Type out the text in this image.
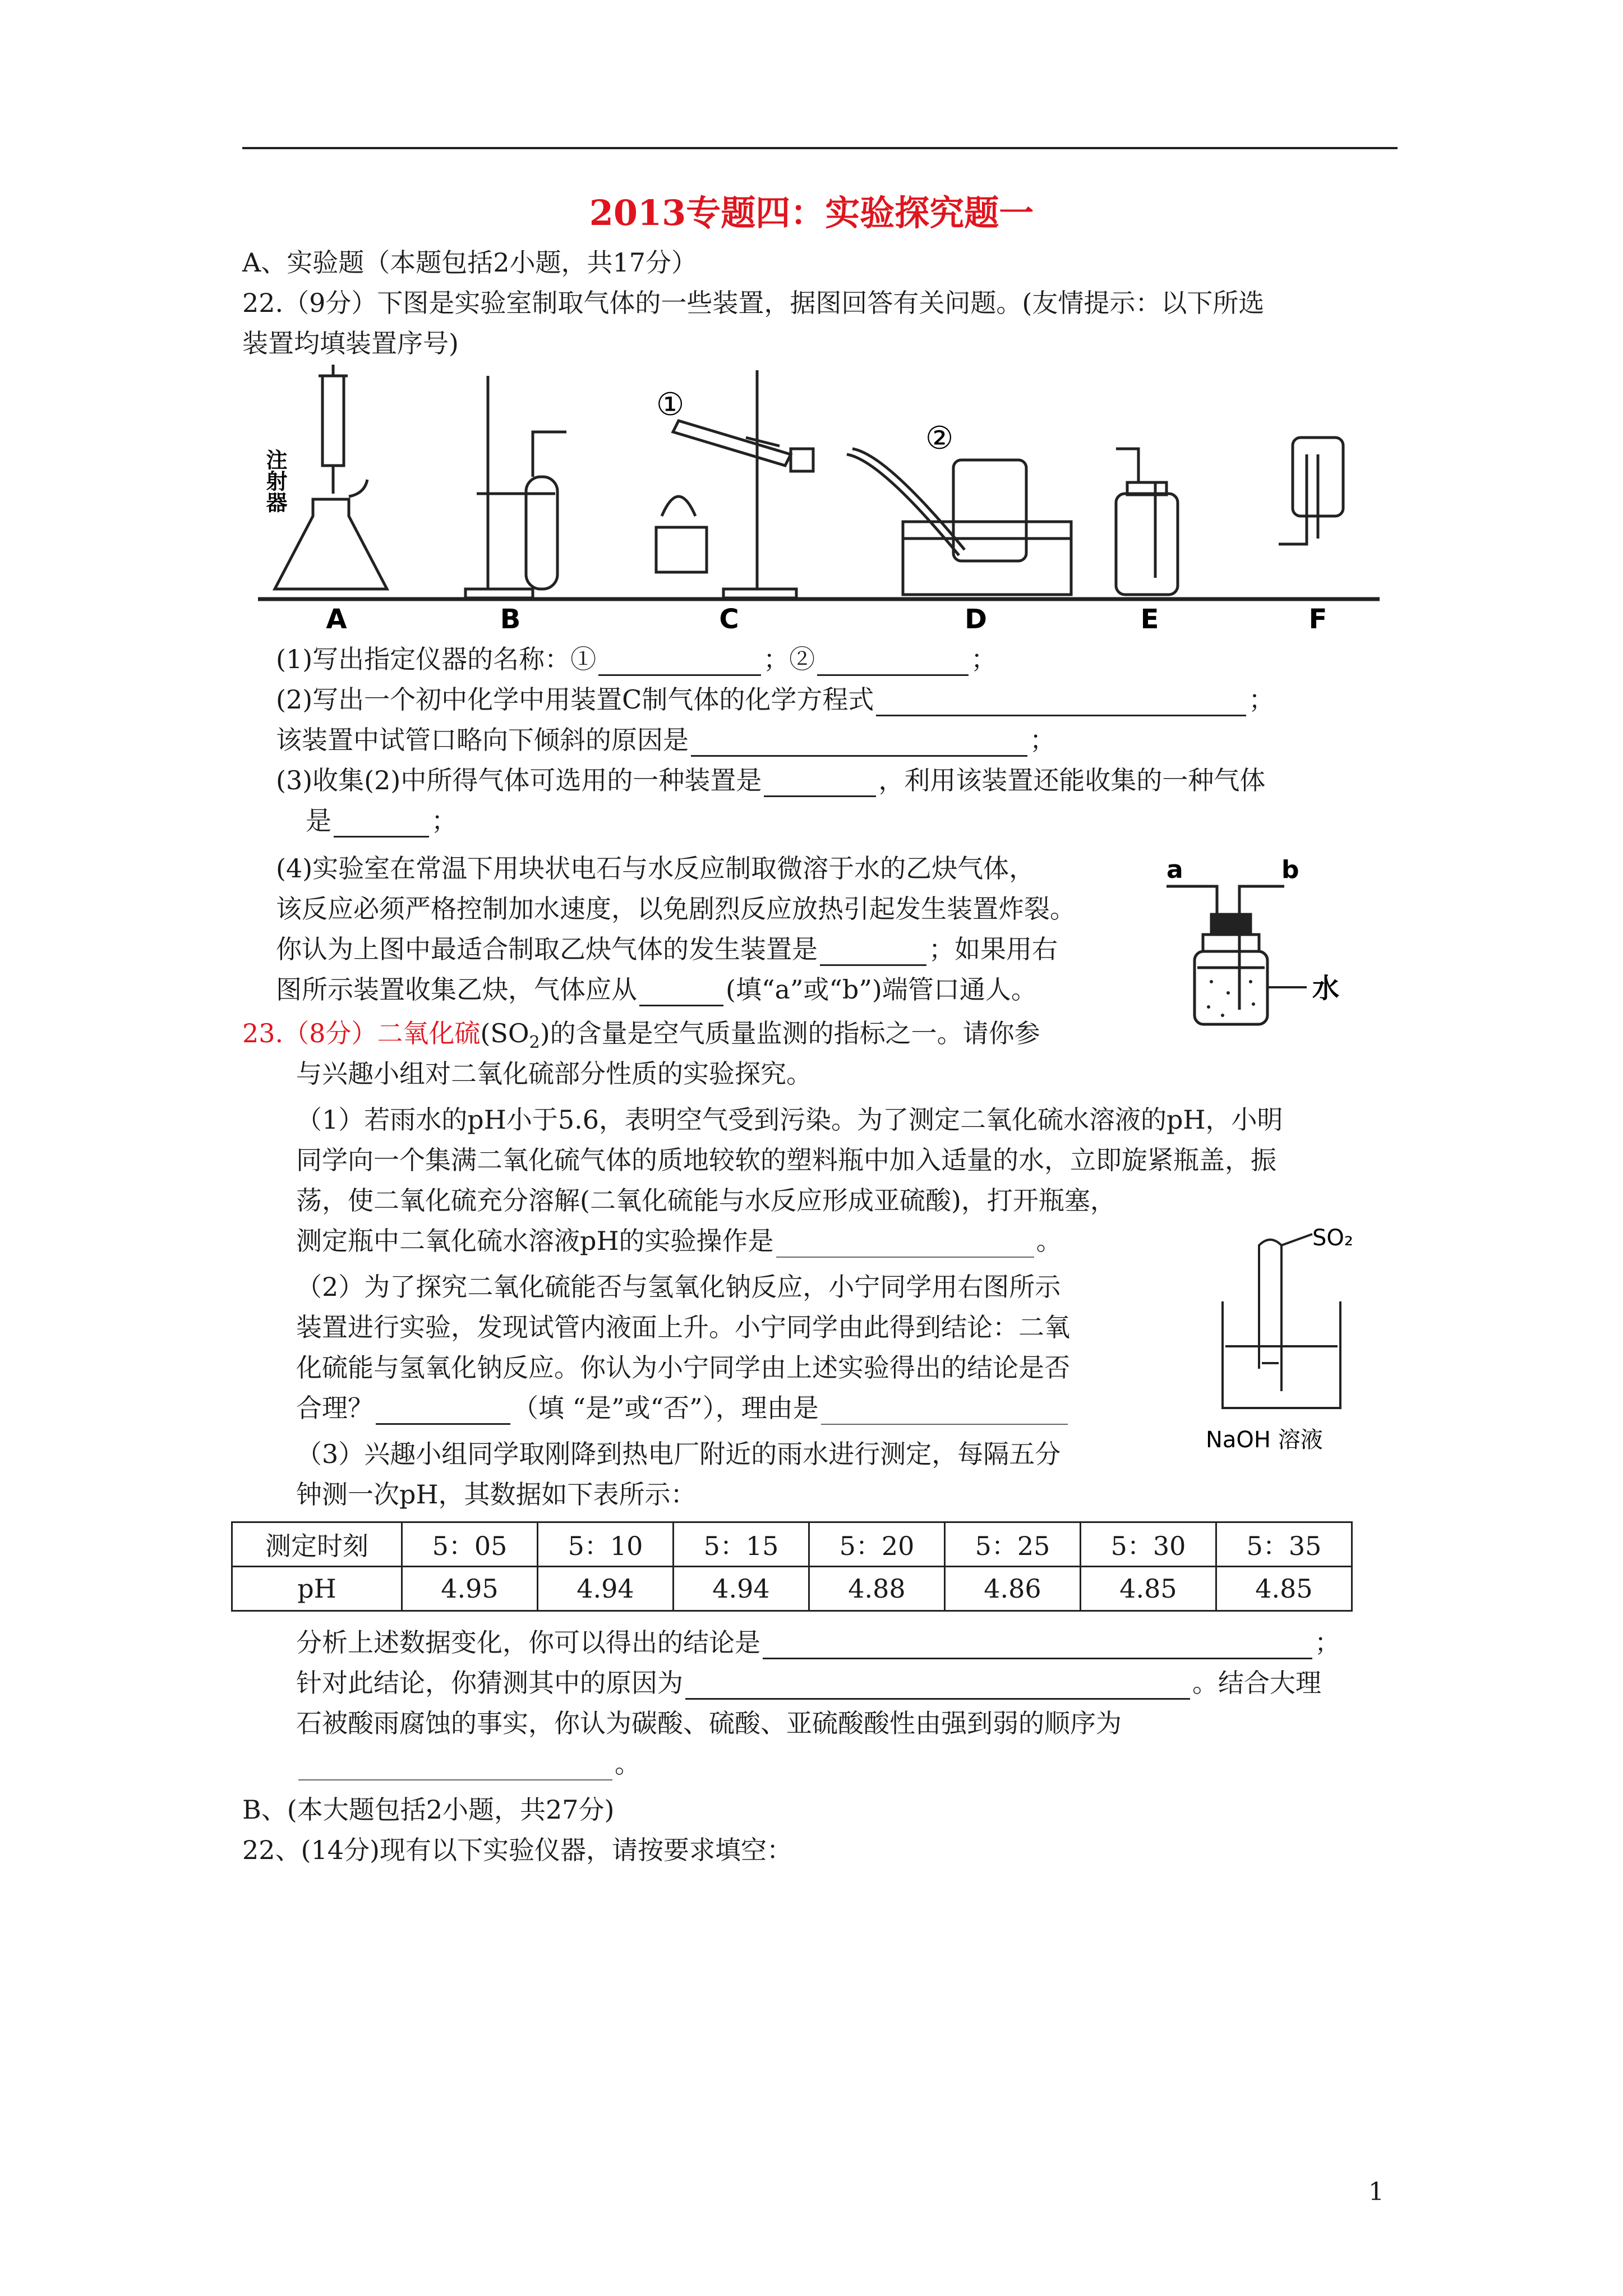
2013专题四：实验探究题一
A、实验题（本题包括2小题，共17分）
22.（9分）下图是实验室制取气体的一些装置，据图回答有关问题。(友情提示：以下所选
装置均填装置序号)
A	B	C	D	E	F
注射器
①
②
(1)写出指定仪器的名称：①	；②	；
(2)写出一个初中化学中用装置C制气体的化学方程式	；
该装置中试管口略向下倾斜的原因是	；
(3)收集(2)中所得气体可选用的一种装置是	，利用该装置还能收集的一种气体
是	；
(4)实验室在常温下用块状电石与水反应制取微溶于水的乙炔气体，
该反应必须严格控制加水速度，以免剧烈反应放热引起发生装置炸裂。
你认为上图中最适合制取乙炔气体的发生装置是	；如果用右
图所示装置收集乙炔，气体应从	(填“a”或“b”)端管口通人。
a	b
水
23.（8分）二氧化硫$(SO_2)$的含量是空气质量监测的指标之一。请你参
与兴趣小组对二氧化硫部分性质的实验探究。
（1）若雨水的pH小于5.6，表明空气受到污染。为了测定二氧化硫水溶液的pH，小明
同学向一个集满二氧化硫气体的质地较软的塑料瓶中加入适量的水，立即旋紧瓶盖，振
荡，使二氧化硫充分溶解(二氧化硫能与水反应形成亚硫酸)，打开瓶塞，
测定瓶中二氧化硫水溶液pH的实验操作是	。
（2）为了探究二氧化硫能否与氢氧化钠反应，小宁同学用右图所示
装置进行实验，发现试管内液面上升。小宁同学由此得到结论：二氧
化硫能与氢氧化钠反应。你认为小宁同学由上述实验得出的结论是否
合理？	（填 “是”或“否”），理由是
（3）兴趣小组同学取刚降到热电厂附近的雨水进行测定，每隔五分
钟测一次pH，其数据如下表所示：
SO₂
NaOH 溶液
测定时刻	5：05	5：10	5：15	5：20	5：25	5：30	5：35
pH	4.95	4.94	4.94	4.88	4.86	4.85	4.85
分析上述数据变化，你可以得出的结论是	；
针对此结论，你猜测其中的原因为	。结合大理
石被酸雨腐蚀的事实，你认为碳酸、硫酸、亚硫酸酸性由强到弱的顺序为
。
B、(本大题包括2小题，共27分)
22、(14分)现有以下实验仪器，请按要求填空：
1
